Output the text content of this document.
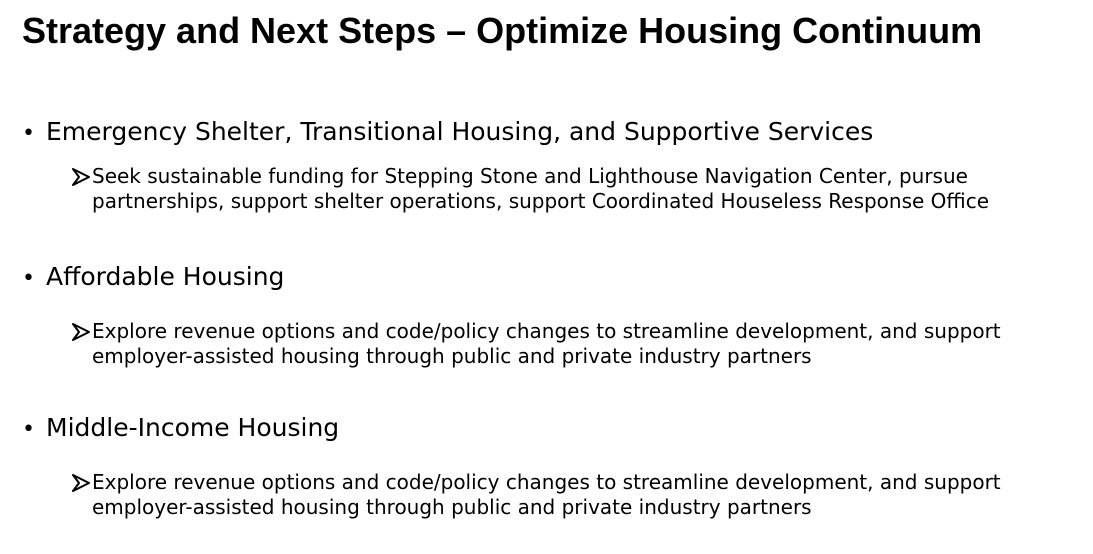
Strategy and Next Steps – Optimize Housing Continuum
• Emergency Shelter, Transitional Housing, and Supportive Services
Seek sustainable funding for Stepping Stone and Lighthouse Navigation Center, pursue
partnerships, support shelter operations, support Coordinated Houseless Response Office
• Affordable Housing
Explore revenue options and code/policy changes to streamline development, and support
employer-assisted housing through public and private industry partners
• Middle-Income Housing
Explore revenue options and code/policy changes to streamline development, and support
employer-assisted housing through public and private industry partners
